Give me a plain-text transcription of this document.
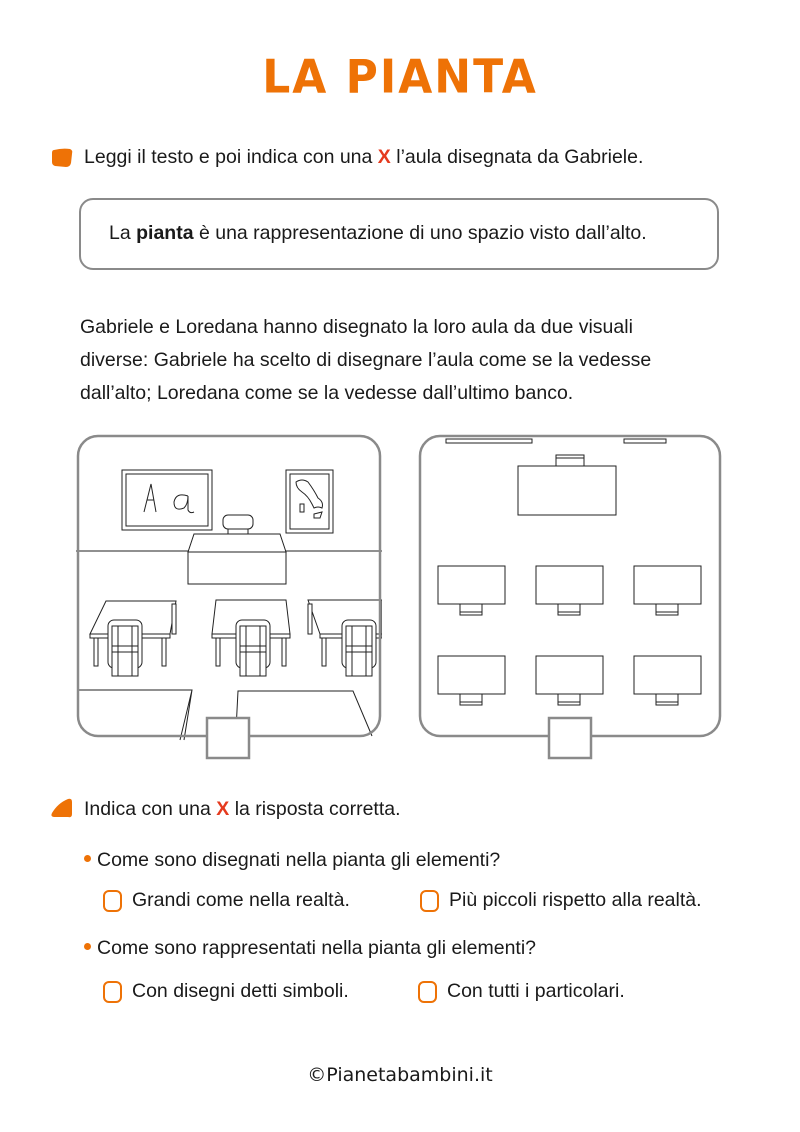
LA PIANTA
Leggi il testo e poi indica con una X l’aula disegnata da Gabriele.
La pianta è una rappresentazione di uno spazio visto dall’alto.
Gabriele e Loredana hanno disegnato la loro aula da due visuali
diverse: Gabriele ha scelto di disegnare l’aula come se la vedesse
dall’alto; Loredana come se la vedesse dall’ultimo banco.
Indica con una X la risposta corretta.
Come sono disegnati nella pianta gli elementi?
Grandi come nella realtà.	Più piccoli rispetto alla realtà.
Come sono rappresentati nella pianta gli elementi?
Con disegni detti simboli.	Con tutti i particolari.
©Pianetabambini.it
